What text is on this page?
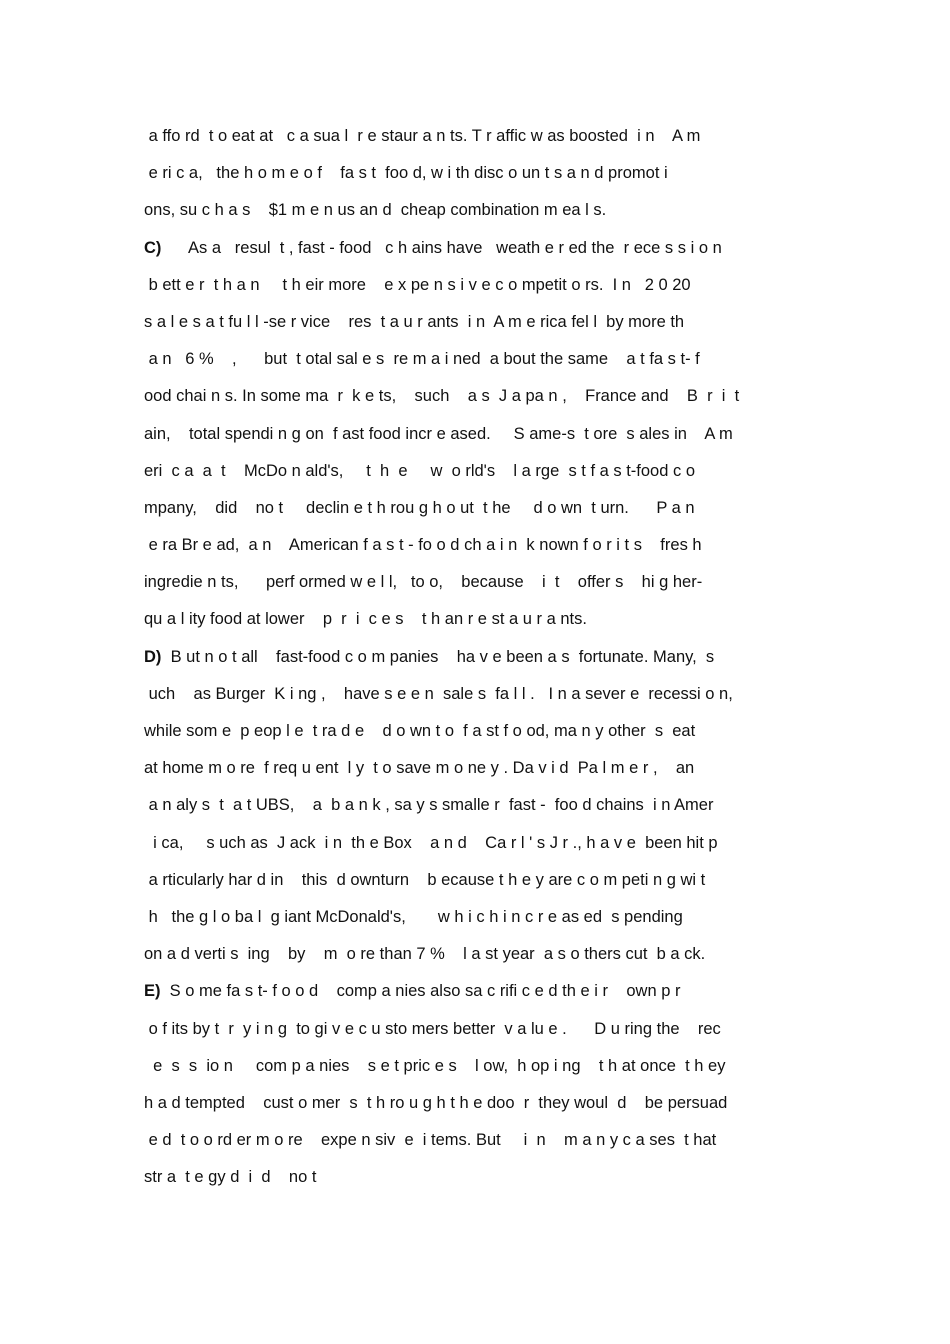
a ffo rd  t o eat at   c a sua l  r e staur a n ts. T r affic w as boosted  i n    A m
e ri c a,   the h o m e o f    fa s t  foo d, w i th disc o un t s a n d promot i
ons, su c h a s    $1 m e n us an d  cheap combination m ea l s.
C)      As a   resul  t , fast - food   c h ains have   weath e r ed the  r ece s s i o n
b ett e r  t h a n     t h eir more    e x pe n s i v e c o mpetit o rs.  I n   2 0 20
s a l e s a t fu l l -se r vice    res  t a u r ants  i n  A m e rica fel l  by more th
a n   6 %    ,      but  t otal sal e s  re m a i ned  a bout the same    a t fa s t- f
ood chai n s. In some ma  r  k e ts,    such    a s  J a pa n ,    France and    B  r  i  t
ain,    total spendi n g on  f ast food incr e ased.     S ame-s  t ore  s ales in    A m
eri  c a  a  t    McDo n ald's,     t  h  e     w  o rld's    l a rge  s t f a s t-food c o
mpany,    did    no t     declin e t h rou g h o ut  t he     d o wn  t urn.      P a n
e ra Br e ad,  a n    American f a s t - fo o d ch a i n  k nown f o r i t s    fres h
ingredie n ts,      perf ormed w e l l,   to o,    because    i  t    offer s    hi g her-
qu a l ity food at lower    p  r  i  c e s    t h an r e st a u r a nts.
D)  B ut n o t all    fast-food c o m panies    ha v e been a s  fortunate. Many,  s
uch    as Burger  K i ng ,    have s e e n  sale s  fa l l .   I n a sever e  recessi o n,
while som e  p eop l e  t ra d e    d o wn t o  f a st f o od, ma n y other  s  eat
at home m o re  f req u ent  l y  t o save m o ne y . Da v i d  Pa l m e r ,    an
a n aly s  t  a t UBS,    a  b a n k , sa y s smalle r  fast -  foo d chains  i n Amer
i ca,     s uch as  J ack  i n  th e Box    a n d    Ca r l ' s J r ., h a v e  been hit p
a rticularly har d in    this  d ownturn    b ecause t h e y are c o m peti n g wi t
h   the g l o ba l  g iant McDonald's,       w h i c h i n c r e as ed  s pending
on a d verti s  ing    by    m  o re than 7 %    l a st year  a s o thers cut  b a ck.
E)  S o me fa s t- f o o d    comp a nies also sa c rifi c e d th e i r    own p r
o f its by t  r  y i n g  to gi v e c u sto mers better  v a lu e .      D u ring the    rec
e  s  s  io n     com p a nies    s e t pric e s    l ow,  h op i ng    t h at once  t h ey
h a d tempted    cust o mer  s  t h ro u g h t h e doo  r  they woul  d    be persuad
e d  t o o rd er m o re    expe n siv  e  i tems. But     i  n    m a n y c a ses  t hat
str a  t e gy d  i  d    no t
